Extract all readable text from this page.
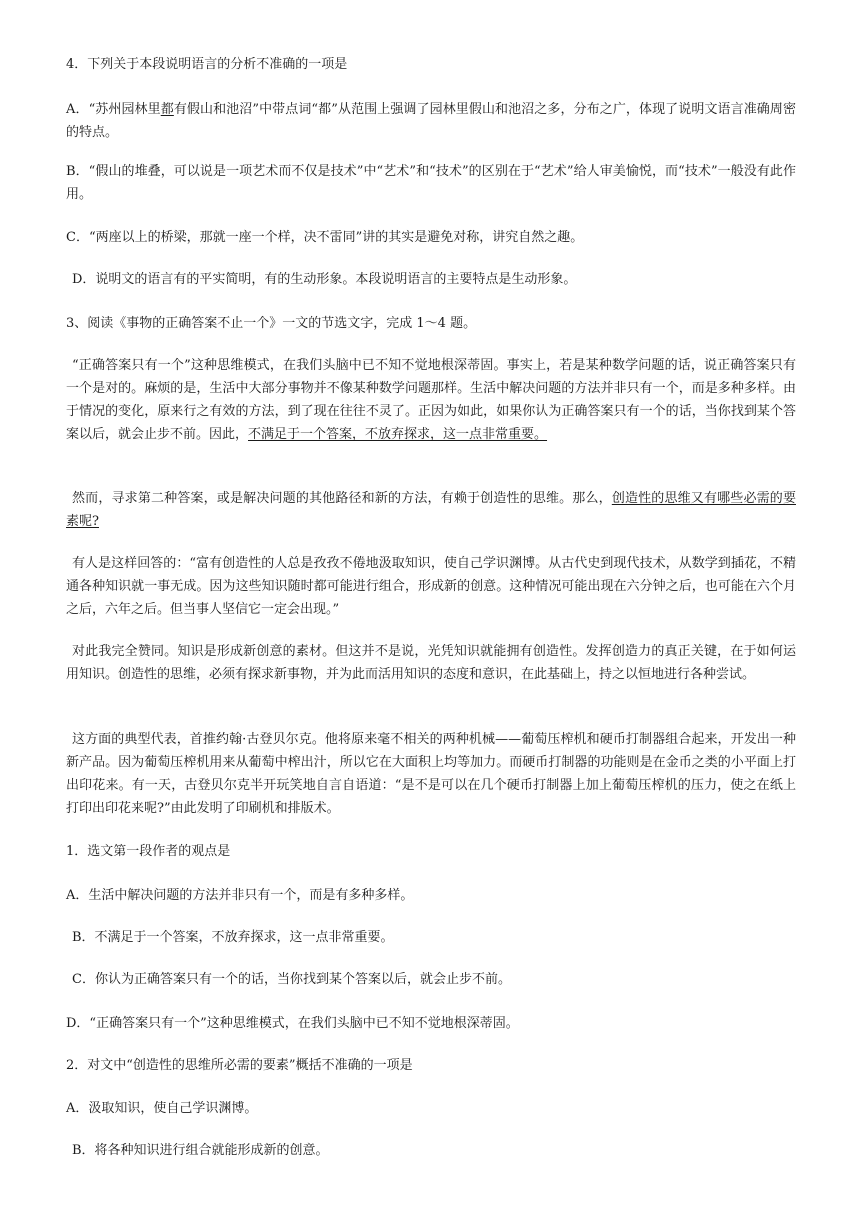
4．下列关于本段说明语言的分析不准确的一项是

A．“苏州园林里都有假山和池沼”中带点词“都”从范围上强调了园林里假山和池沼之多，分布之广，体现了说明文语言准确周密的特点。

B．“假山的堆叠，可以说是一项艺术而不仅是技术”中“艺术”和“技术”的区别在于“艺术”给人审美愉悦，而“技术”一般没有此作用。

C．“两座以上的桥梁，那就一座一个样，决不雷同”讲的其实是避免对称，讲究自然之趣。

D．说明文的语言有的平实简明，有的生动形象。本段说明语言的主要特点是生动形象。

3、阅读《事物的正确答案不止一个》一文的节选文字，完成 1～4 题。

“正确答案只有一个”这种思维模式，在我们头脑中已不知不觉地根深蒂固。事实上，若是某种数学问题的话，说正确答案只有一个是对的。麻烦的是，生活中大部分事物并不像某种数学问题那样。生活中解决问题的方法并非只有一个，而是多种多样。由于情况的变化，原来行之有效的方法，到了现在往往不灵了。正因为如此，如果你认为正确答案只有一个的话，当你找到某个答案以后，就会止步不前。因此，不满足于一个答案，不放弃探求，这一点非常重要。

然而，寻求第二种答案，或是解决问题的其他路径和新的方法，有赖于创造性的思维。那么，创造性的思维又有哪些必需的要素呢?

有人是这样回答的：“富有创造性的人总是孜孜不倦地汲取知识，使自己学识渊博。从古代史到现代技术，从数学到插花，不精通各种知识就一事无成。因为这些知识随时都可能进行组合，形成新的创意。这种情况可能出现在六分钟之后，也可能在六个月之后，六年之后。但当事人坚信它一定会出现。”

对此我完全赞同。知识是形成新创意的素材。但这并不是说，光凭知识就能拥有创造性。发挥创造力的真正关键，在于如何运用知识。创造性的思维，必须有探求新事物，并为此而活用知识的态度和意识，在此基础上，持之以恒地进行各种尝试。

这方面的典型代表，首推约翰·古登贝尔克。他将原来毫不相关的两种机械——葡萄压榨机和硬币打制器组合起来，开发出一种新产品。因为葡萄压榨机用来从葡萄中榨出汁，所以它在大面积上均等加力。而硬币打制器的功能则是在金币之类的小平面上打出印花来。有一天，古登贝尔克半开玩笑地自言自语道：“是不是可以在几个硬币打制器上加上葡萄压榨机的压力，使之在纸上打印出印花来呢?”由此发明了印刷机和排版术。

1．选文第一段作者的观点是

A．生活中解决问题的方法并非只有一个，而是有多种多样。

B．不满足于一个答案，不放弃探求，这一点非常重要。

C．你认为正确答案只有一个的话，当你找到某个答案以后，就会止步不前。

D．“正确答案只有一个”这种思维模式，在我们头脑中已不知不觉地根深蒂固。

2．对文中“创造性的思维所必需的要素”概括不准确的一项是

A．汲取知识，使自己学识渊博。

B．将各种知识进行组合就能形成新的创意。
